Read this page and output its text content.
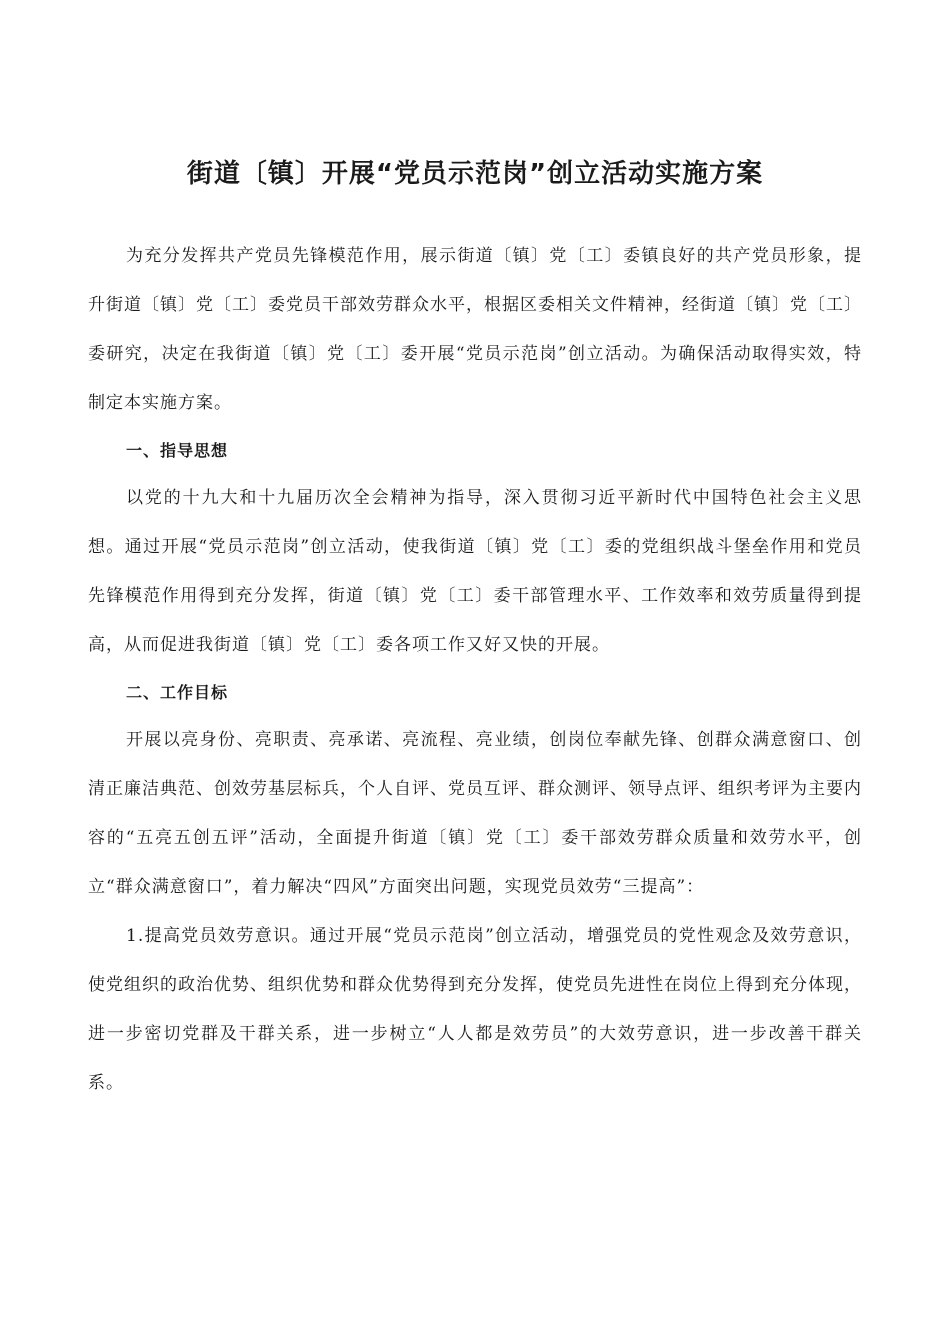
街道〔镇〕开展“党员示范岗”创立活动实施方案

为充分发挥共产党员先锋模范作用，展示街道〔镇〕党〔工〕委镇良好的共产党员形象，提升街道〔镇〕党〔工〕委党员干部效劳群众水平，根据区委相关文件精神，经街道〔镇〕党〔工〕委研究，决定在我街道〔镇〕党〔工〕委开展“党员示范岗”创立活动。为确保活动取得实效，特制定本实施方案。

一、指导思想

以党的十九大和十九届历次全会精神为指导，深入贯彻习近平新时代中国特色社会主义思想。通过开展“党员示范岗”创立活动，使我街道〔镇〕党〔工〕委的党组织战斗堡垒作用和党员先锋模范作用得到充分发挥，街道〔镇〕党〔工〕委干部管理水平、工作效率和效劳质量得到提高，从而促进我街道〔镇〕党〔工〕委各项工作又好又快的开展。

二、工作目标

开展以亮身份、亮职责、亮承诺、亮流程、亮业绩，创岗位奉献先锋、创群众满意窗口、创清正廉洁典范、创效劳基层标兵，个人自评、党员互评、群众测评、领导点评、组织考评为主要内容的“五亮五创五评”活动，全面提升街道〔镇〕党〔工〕委干部效劳群众质量和效劳水平，创立“群众满意窗口”，着力解决“四风”方面突出问题，实现党员效劳“三提高”：

1.提高党员效劳意识。通过开展“党员示范岗”创立活动，增强党员的党性观念及效劳意识，使党组织的政治优势、组织优势和群众优势得到充分发挥，使党员先进性在岗位上得到充分体现，进一步密切党群及干群关系，进一步树立“人人都是效劳员”的大效劳意识，进一步改善干群关系。
